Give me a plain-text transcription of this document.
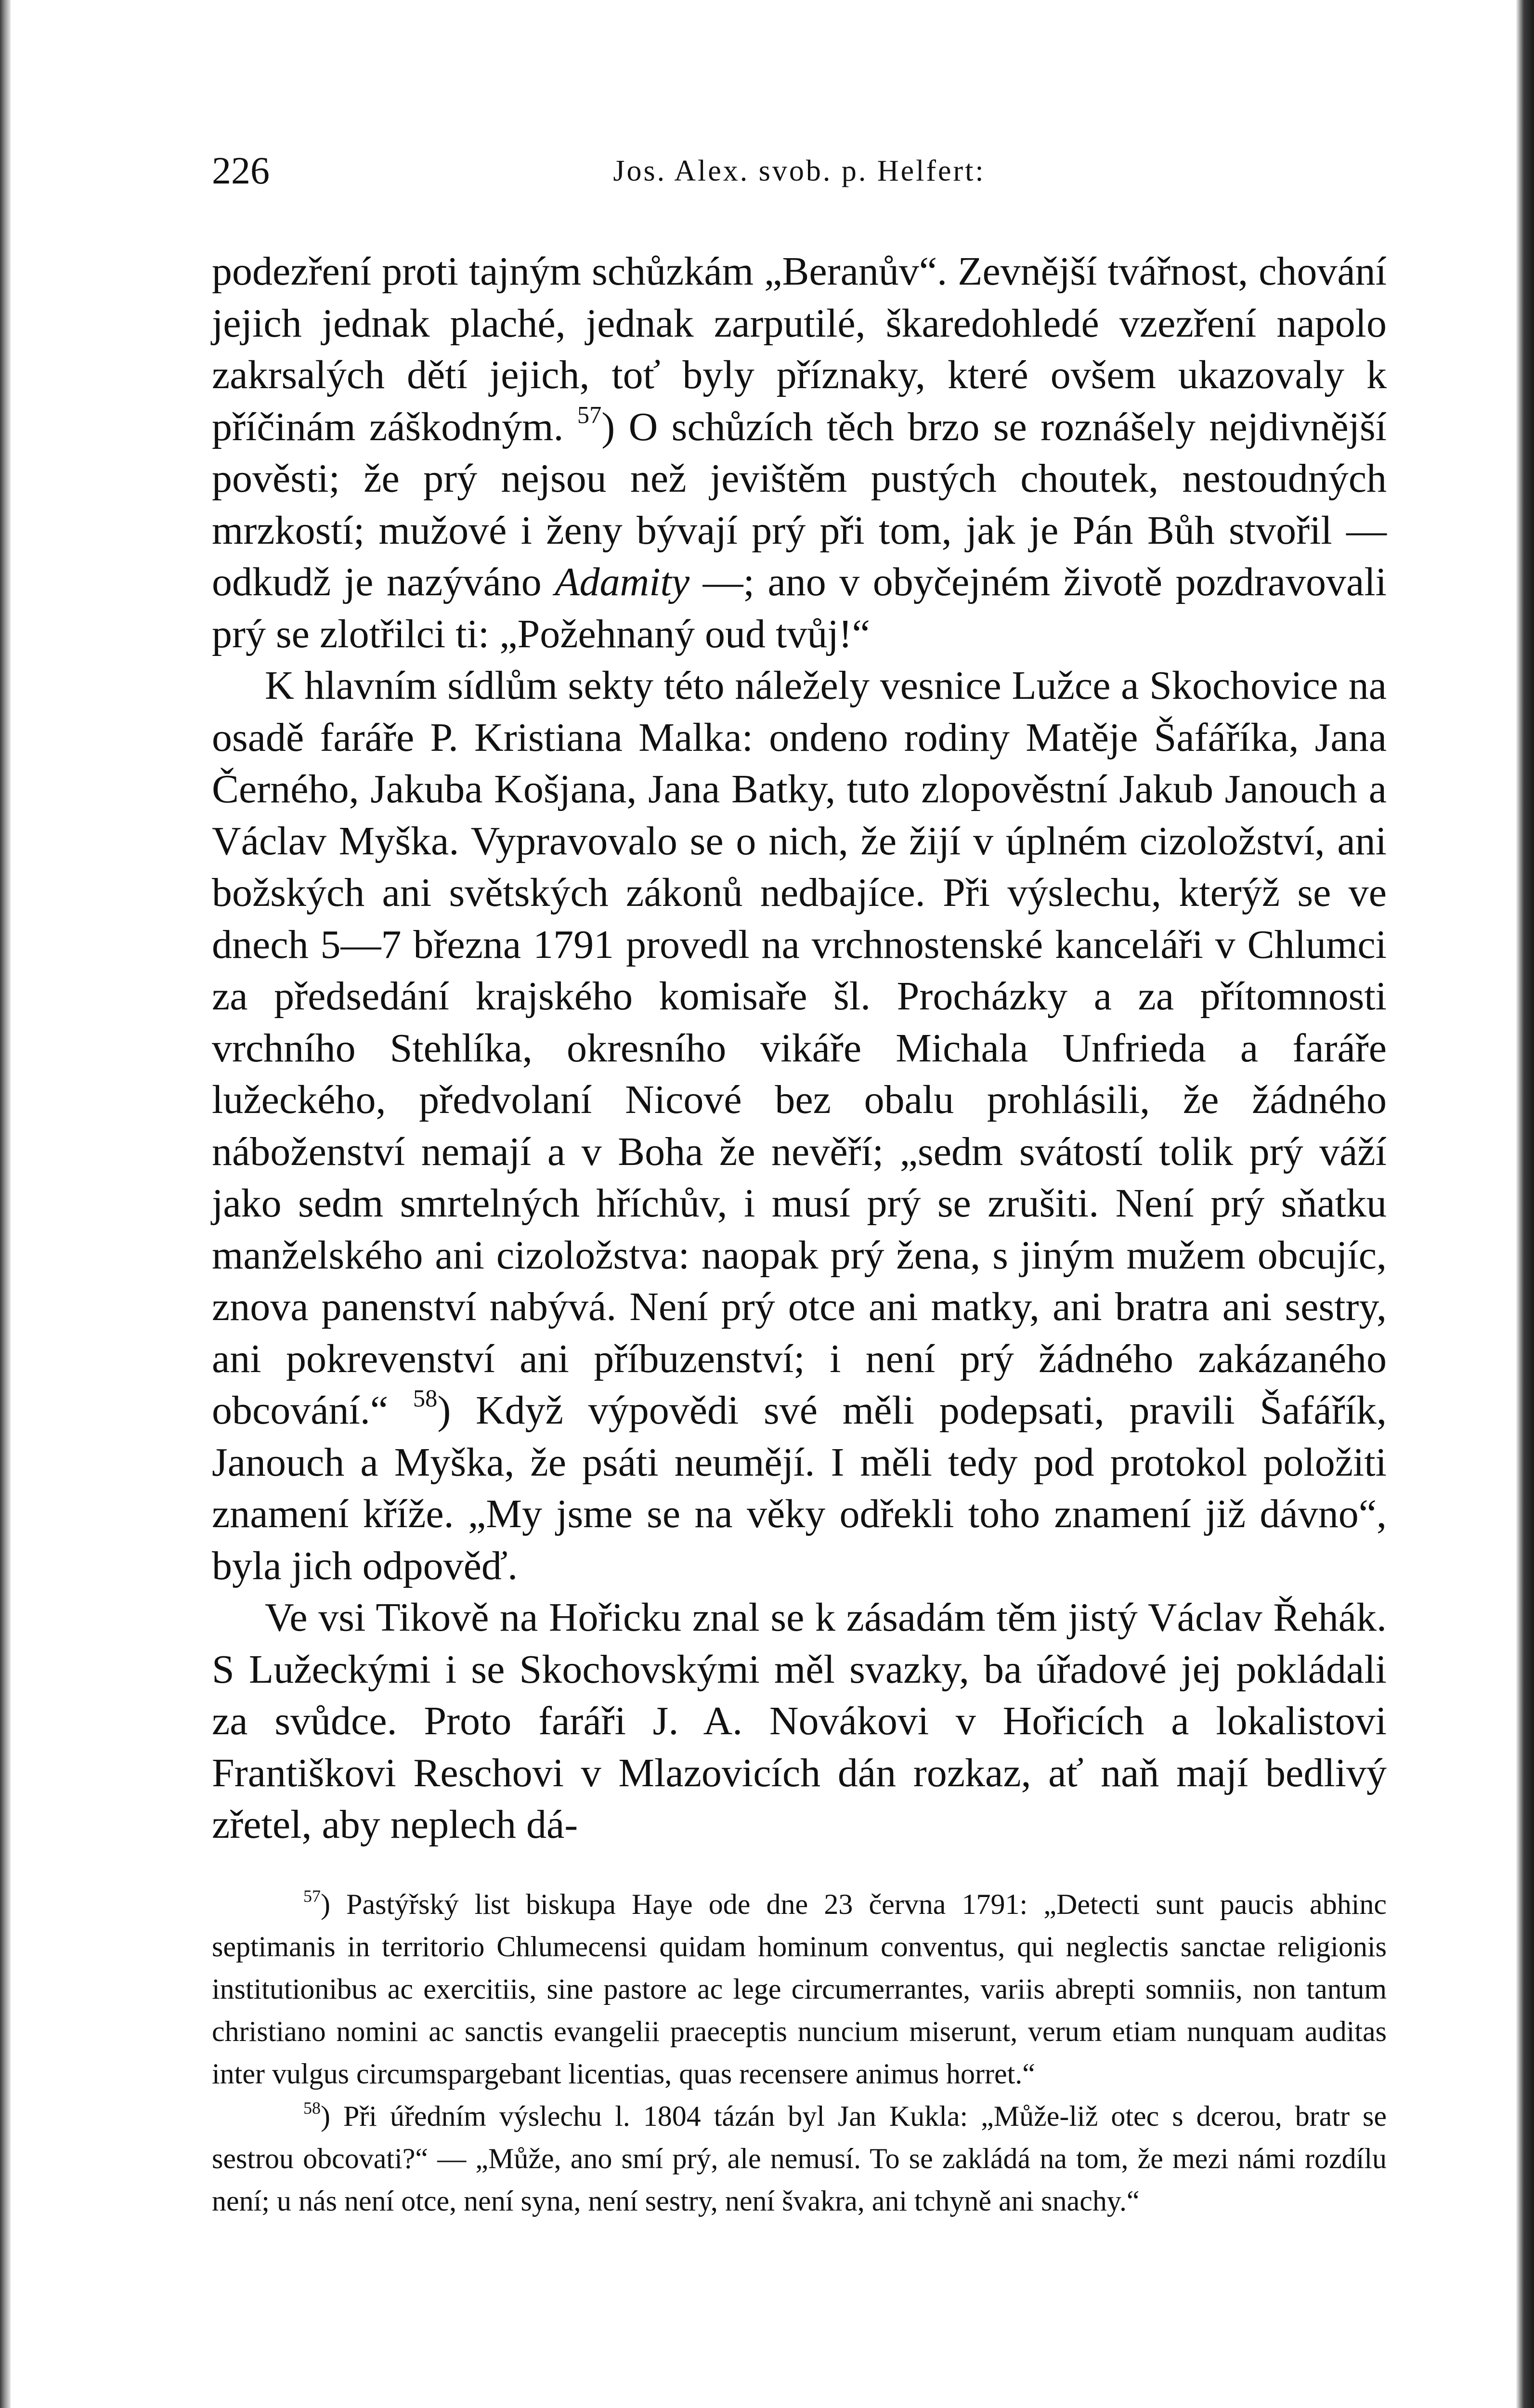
226	Jos. Alex. svob. p. Helfert:

podezření proti tajným schůzkám „Beranův“. Zevnější tvářnost, chování jejich jednak plaché, jednak zarputilé, škaredohledé vzezření napolo zakrsalých dětí jejich, toť byly příznaky, které ovšem ukazovaly k příčinám záškodným. $^{57}$) O schůzích těch brzo se roznášely nejdivnější pověsti; že prý nejsou než jevištěm pustých choutek, nestoudných mrzkostí; mužové i ženy bývají prý při tom, jak je Pán Bůh stvořil — odkudž je nazýváno Adamity —; ano v obyčejném životě pozdravovali prý se zlotřilci ti: „Požehnaný oud tvůj!“

K hlavním sídlům sekty této náležely vesnice Lužce a Skochovice na osadě faráře P. Kristiana Malka: ondeno rodiny Matěje Šafáříka, Jana Černého, Jakuba Košjana, Jana Batky, tuto zlopověstní Jakub Janouch a Václav Myška. Vypravovalo se o nich, že žijí v úplném cizoložství, ani božských ani světských zákonů nedbajíce. Při výslechu, kterýž se ve dnech 5—7 března 1791 provedl na vrchnostenské kanceláři v Chlumci za předsedání krajského komisaře šl. Procházky a za přítomnosti vrchního Stehlíka, okresního vikáře Michala Unfrieda a faráře lužeckého, předvolaní Nicové bez obalu prohlásili, že žádného náboženství nemají a v Boha že nevěří; „sedm svátostí tolik prý váží jako sedm smrtelných hříchův, i musí prý se zrušiti. Není prý sňatku manželského ani cizoložstva: naopak prý žena, s jiným mužem obcujíc, znova panenství nabývá. Není prý otce ani matky, ani bratra ani sestry, ani pokrevenství ani příbuzenství; i není prý žádného zakázaného obcování.“ $^{58}$) Když výpovědi své měli podepsati, pravili Šafářík, Janouch a Myška, že psáti neumějí. I měli tedy pod protokol položiti znamení kříže. „My jsme se na věky odřekli toho znamení již dávno“, byla jich odpověď.

Ve vsi Tikově na Hořicku znal se k zásadám těm jistý Václav Řehák. S Lužeckými i se Skochovskými měl svazky, ba úřadové jej pokládali za svůdce. Proto faráři J. A. Novákovi v Hořicích a lokalistovi Františkovi Reschovi v Mlazovicích dán rozkaz, ať naň mají bedlivý zřetel, aby neplech dá-

$^{57}$) Pastýřský list biskupa Haye ode dne 23 června 1791: „Detecti sunt paucis abhinc septimanis in territorio Chlumecensi quidam hominum conventus, qui neglectis sanctae religionis institutionibus ac exercitiis, sine pastore ac lege circumerrantes, variis abrepti somniis, non tantum christiano nomini ac sanctis evangelii praeceptis nuncium miserunt, verum etiam nunquam auditas inter vulgus circumspargebant licentias, quas recensere animus horret.“

$^{58}$) Při úředním výslechu l. 1804 tázán byl Jan Kukla: „Může-liž otec s dcerou, bratr se sestrou obcovati?“ — „Může, ano smí prý, ale nemusí. To se zakládá na tom, že mezi námi rozdílu není; u nás není otce, není syna, není sestry, není švakra, ani tchyně ani snachy.“
